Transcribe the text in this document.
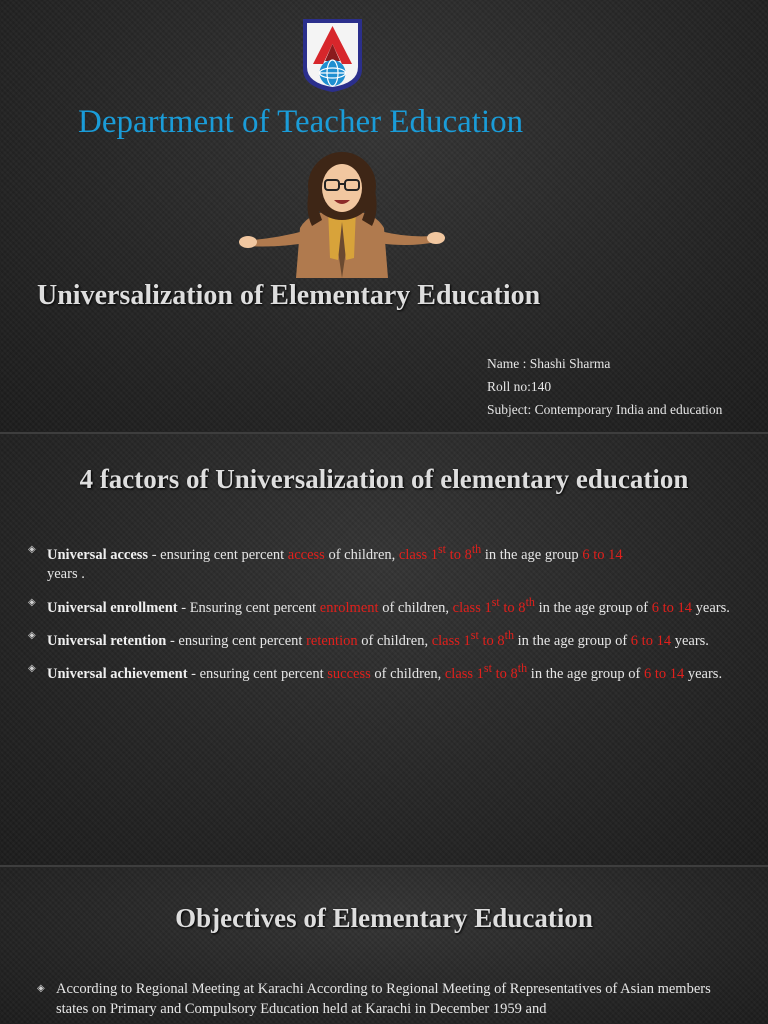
Department of Teacher Education
Universalization of Elementary Education
Name : Shashi Sharma
Roll no:140
Subject: Contemporary India and education
4 factors of Universalization of elementary education
◈ Universal access - ensuring cent percent access of children, class 1st to 8th in the age group 6 to 14
years .
◈ Universal enrollment - Ensuring cent percent enrolment of children, class 1st to 8th in the age group of 6 to 14 years.
◈ Universal retention - ensuring cent percent retention of children, class 1st to 8th in the age group of 6 to 14 years.
◈ Universal achievement - ensuring cent percent success of children, class 1st to 8th in the age group of 6 to 14 years.
Objectives of Elementary Education
◈ According to Regional Meeting at Karachi According to Regional Meeting of Representatives of Asian members states on Primary and Compulsory Education held at Karachi in December 1959 and
